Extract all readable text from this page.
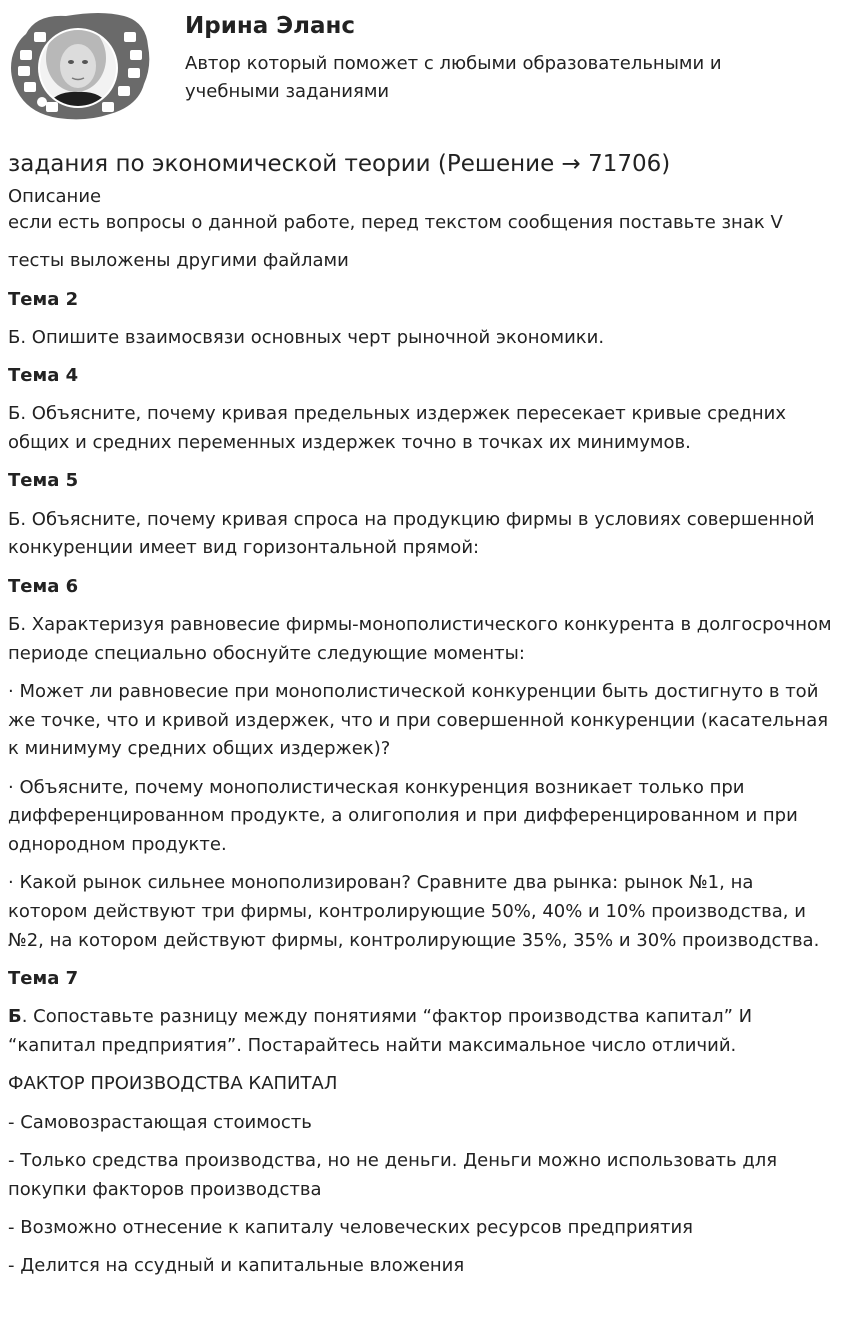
Ирина Эланс
Автор который поможет с любыми образовательными и учебными заданиями
задания по экономической теории (Решение → 71706)
Описание

если есть вопросы о данной работе, перед текстом сообщения поставьте знак V

тесты выложены другими файлами

Тема 2

Б. Опишите взаимосвязи основных черт рыночной экономики.

Тема 4

Б. Объясните, почему кривая предельных издержек пересекает кривые средних общих и средних переменных издержек точно в точках их минимумов.

Тема 5

Б. Объясните, почему кривая спроса на продукцию фирмы в условиях совершенной конкуренции имеет вид горизонтальной прямой:

Тема 6

Б. Характеризуя равновесие фирмы-монополистического конкурента в долгосрочном периоде специально обоснуйте следующие моменты:

· Может ли равновесие при монополистической конкуренции быть достигнуто в той же точке, что и кривой издержек, что и при совершенной конкуренции (касательная к минимуму средних общих издержек)?

· Объясните, почему монополистическая конкуренция возникает только при дифференцированном продукте, а олигополия и при дифференцированном и при однородном продукте.

· Какой рынок сильнее монополизирован? Сравните два рынка: рынок №1, на котором действуют три фирмы, контролирующие 50%, 40% и 10% производства, и №2, на котором действуют фирмы, контролирующие 35%, 35% и 30% производства.

Тема 7

Б. Сопоставьте разницу между понятиями “фактор производства капитал” И “капитал предприятия”. Постарайтесь найти максимальное число отличий.

ФАКТОР ПРОИЗВОДСТВА КАПИТАЛ

- Самовозрастающая стоимость

- Только средства производства, но не деньги. Деньги можно использовать для покупки факторов производства

- Возможно отнесение к капиталу человеческих ресурсов предприятия

- Делится на ссудный и капитальные вложения
